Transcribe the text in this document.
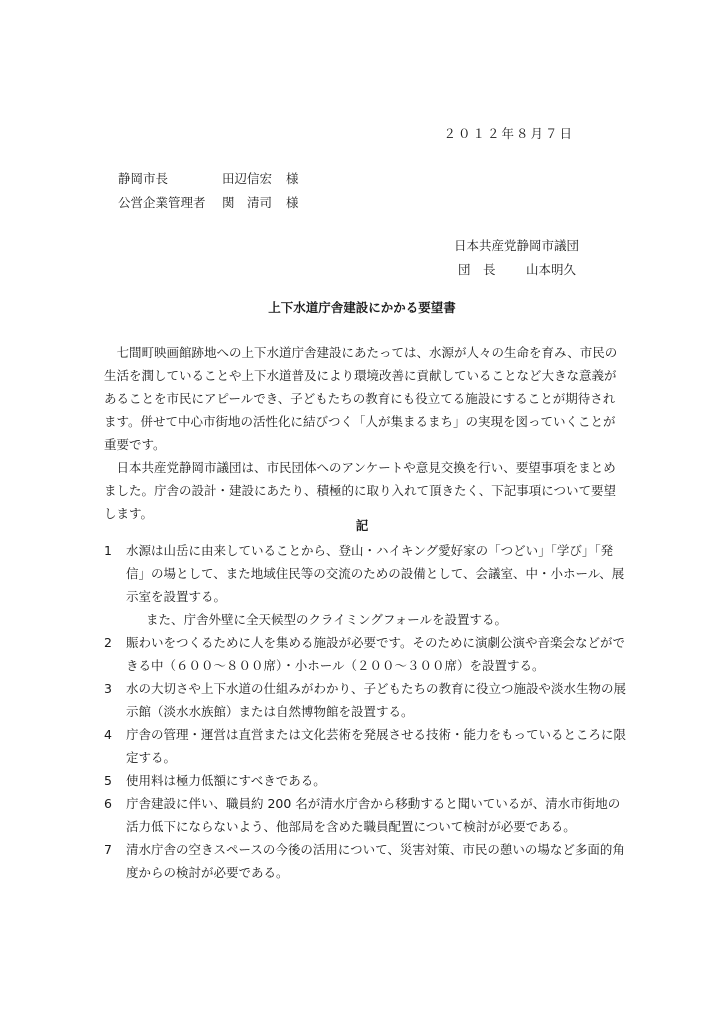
２０１２年８月７日
静岡市長	田辺信宏 様
公営企業管理者 関　清司 様
日本共産党静岡市議団
団　長 山本明久
上下水道庁舎建設にかかる要望書

七間町映画館跡地への上下水道庁舎建設にあたっては、水源が人々の生命を育み、市民の生活を潤していることや上下水道普及により環境改善に貢献していることなど大きな意義があることを市民にアピールでき、子どもたちの教育にも役立てる施設にすることが期待されます。併せて中心市街地の活性化に結びつく「人が集まるまち」の実現を図っていくことが重要です。

日本共産党静岡市議団は、市民団体へのアンケートや意見交換を行い、要望事項をまとめました。庁舎の設計・建設にあたり、積極的に取り入れて頂きたく、下記事項について要望します。

記
1	水源は山岳に由来していることから、登山・ハイキング愛好家の「つどい」「学び」「発信」の場として、また地域住民等の交流のための設備として、会議室、中・小ホール、展示室を設置する。
また、庁舎外壁に全天候型のクライミングフォールを設置する。
2	賑わいをつくるために人を集める施設が必要です。そのために演劇公演や音楽会などができる中（６００～８００席）・小ホール（２００～３００席）を設置する。
3	水の大切さや上下水道の仕組みがわかり、子どもたちの教育に役立つ施設や淡水生物の展示館（淡水水族館）または自然博物館を設置する。
4	庁舎の管理・運営は直営または文化芸術を発展させる技術・能力をもっているところに限定する。
5	使用料は極力低額にすべきである。
6	庁舎建設に伴い、職員約 200 名が清水庁舎から移動すると聞いているが、清水市街地の活力低下にならないよう、他部局を含めた職員配置について検討が必要である。
7	清水庁舎の空きスペースの今後の活用について、災害対策、市民の憩いの場など多面的角度からの検討が必要である。
